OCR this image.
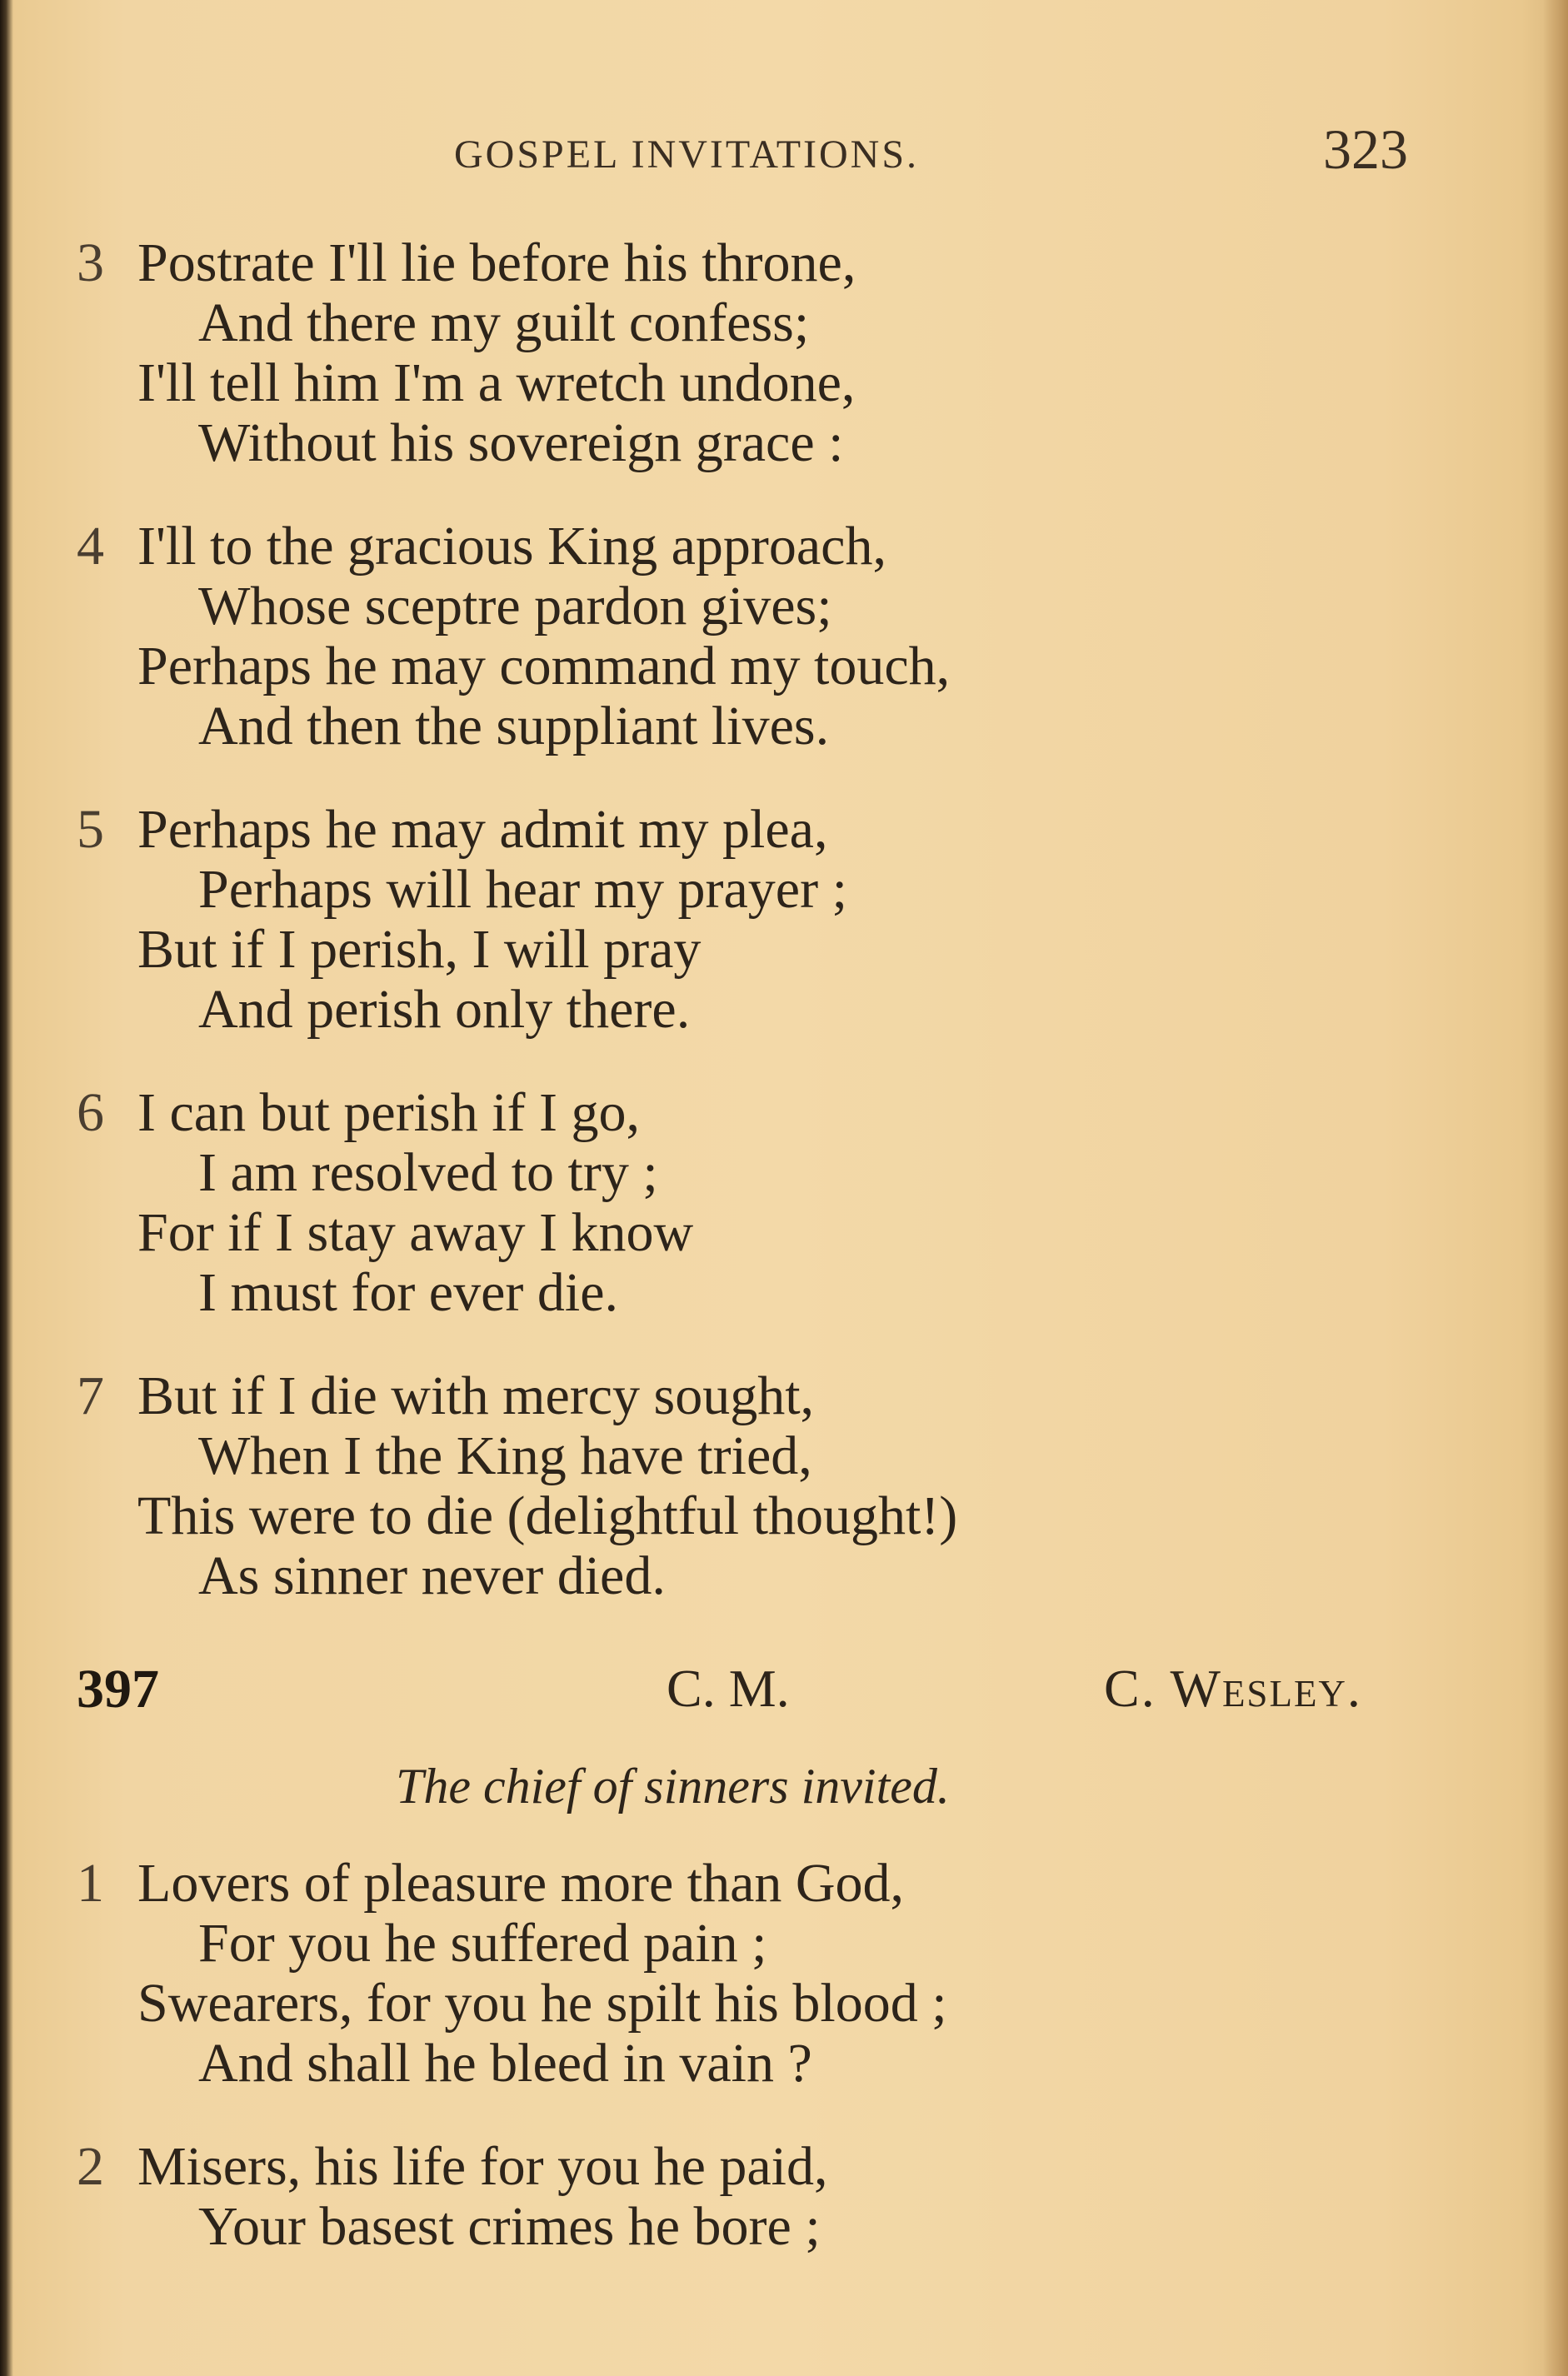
GOSPEL INVITATIONS.	323
3 Postrate I'll lie before his throne,
And there my guilt confess;
I'll tell him I'm a wretch undone,
Without his sovereign grace :
4 I'll to the gracious King approach,
Whose sceptre pardon gives;
Perhaps he may command my touch,
And then the suppliant lives.
5 Perhaps he may admit my plea,
Perhaps will hear my prayer ;
But if I perish, I will pray
And perish only there.
6 I can but perish if I go,
I am resolved to try ;
For if I stay away I know
I must for ever die.
7 But if I die with mercy sought,
When I the King have tried,
This were to die (delightful thought!)
As sinner never died.
397	C. M.	C. Wesley.
The chief of sinners invited.
1 Lovers of pleasure more than God,
For you he suffered pain ;
Swearers, for you he spilt his blood ;
And shall he bleed in vain ?
2 Misers, his life for you he paid,
Your basest crimes he bore ;
